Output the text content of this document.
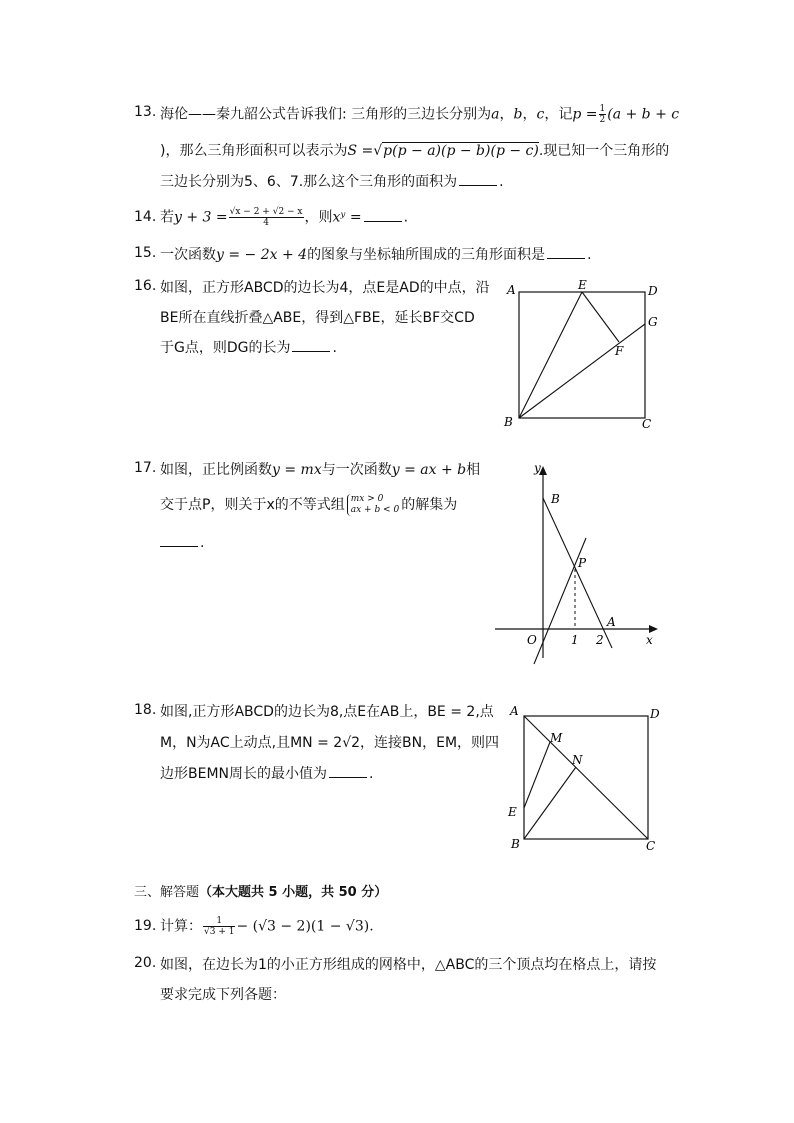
13. 海伦——秦九韶公式告诉我们: 三角形的三边长分别为a，b，c，记$p = \frac{1}{2} (a + b + c$
)，那么三角形面积可以表示为S =√p(p − a)(p − b)(p − c).现已知一个三角形的
三边长分别为5、6、7.那么这个三角形的面积为	.
14. 若$y + 3 = \frac{√x - 2 + √2 - x}{4}$ ，则xʸ =	.
15. 一次函数y = − 2x + 4的图象与坐标轴所围成的三角形面积是	.
16. 如图，正方形ABCD的边长为4，点E是AD的中点，沿
BE所在直线折叠△ABE，得到△FBE，延长BF交CD
于G点，则DG的长为	.
A	E	D
G
F
B	C
17. 如图，正比例函数y = mx与一次函数y = ax + b相
交于点P，则关于x的不等式组 mx > 0
ax + b < 0 的解集为
.
y
x
B
P
A
O	1 2
18. 如图,正方形ABCD的边长为8,点E在AB上，BE = 2,点
M，N为AC上动点,且MN = 2√2，连接BN，EM，则四
边形BEMN周长的最小值为	.
A	D
M
N
E
B	C
三、解答题（本大题共 5 小题，共 50 分）
19. 计算： $\frac{1}{√3 + 1} - (√3 - 2)(1 - √3)$.
20. 如图，在边长为1的小正方形组成的网格中，△ABC的三个顶点均在格点上，请按
要求完成下列各题：
